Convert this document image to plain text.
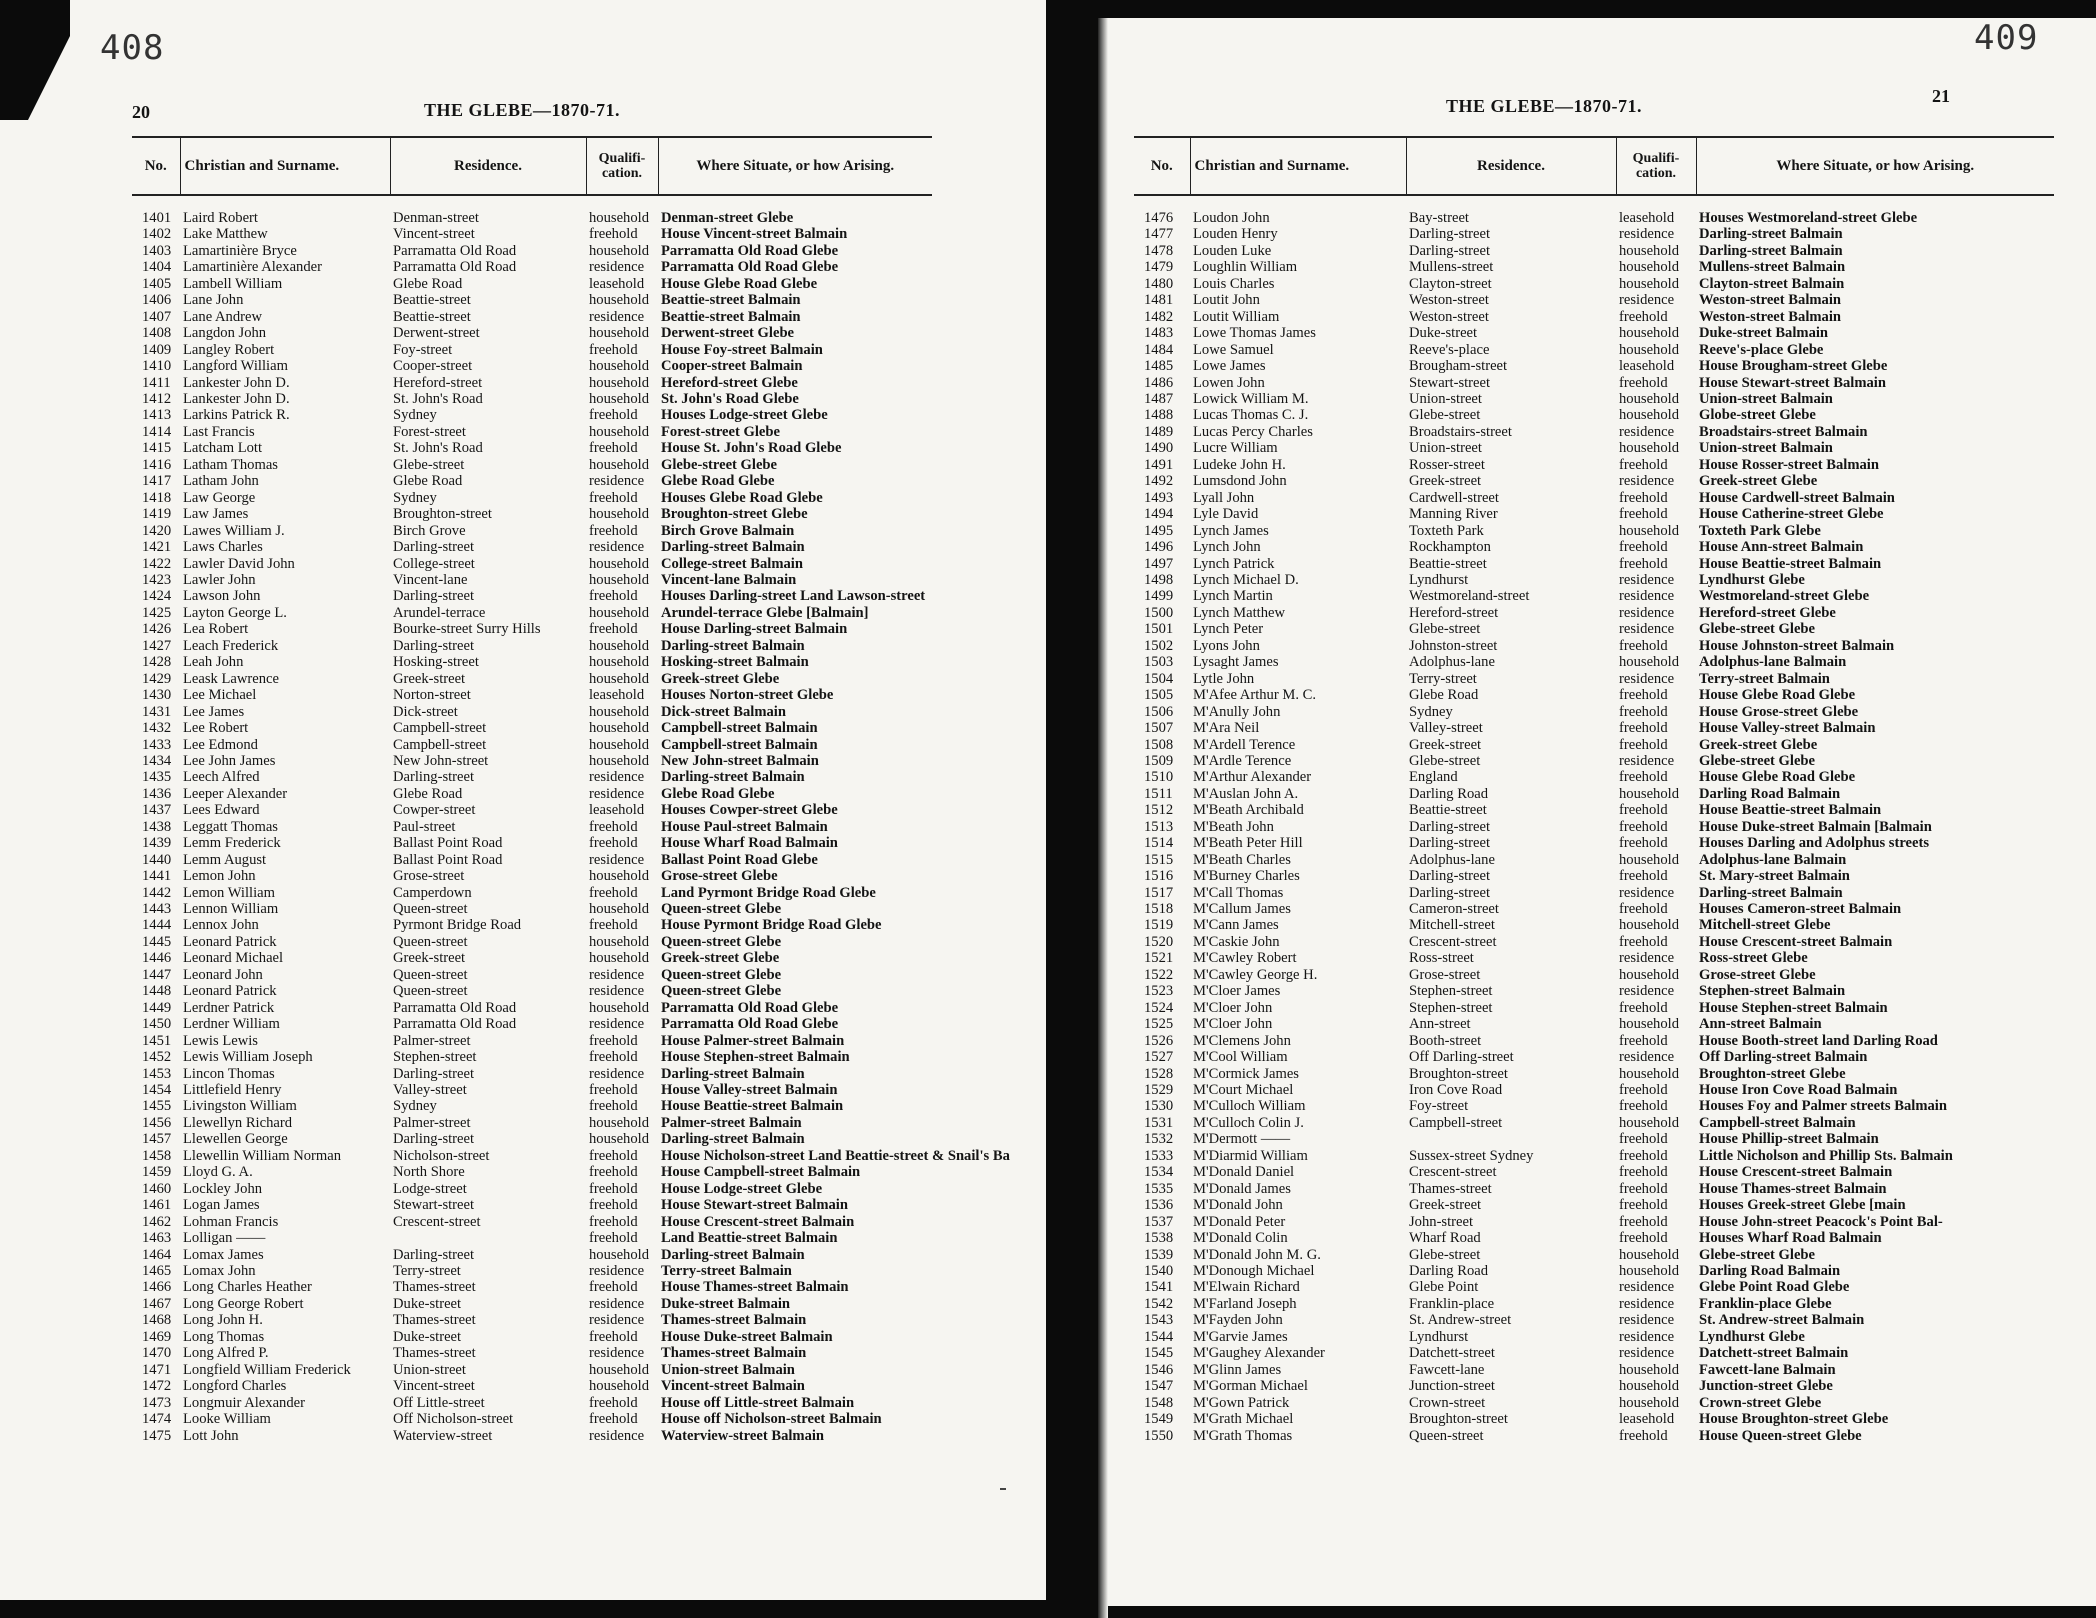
408
20	THE GLEBE—1870-71.
No.	Christian and Surname.	Residence.	Qualifi-cation.	Where Situate, or how Arising.
1401	Laird Robert	Denman-street	household	Denman-street Glebe
1402	Lake Matthew	Vincent-street	freehold	House Vincent-street Balmain
1403	Lamartinière Bryce	Parramatta Old Road	household	Parramatta Old Road Glebe
1404	Lamartinière Alexander	Parramatta Old Road	residence	Parramatta Old Road Glebe
1405	Lambell William	Glebe Road	leasehold	House Glebe Road Glebe
1406	Lane John	Beattie-street	household	Beattie-street Balmain
1407	Lane Andrew	Beattie-street	residence	Beattie-street Balmain
1408	Langdon John	Derwent-street	household	Derwent-street Glebe
1409	Langley Robert	Foy-street	freehold	House Foy-street Balmain
1410	Langford William	Cooper-street	household	Cooper-street Balmain
1411	Lankester John D.	Hereford-street	household	Hereford-street Glebe
1412	Lankester John D.	St. John's Road	household	St. John's Road Glebe
1413	Larkins Patrick R.	Sydney	freehold	Houses Lodge-street Glebe
1414	Last Francis	Forest-street	household	Forest-street Glebe
1415	Latcham Lott	St. John's Road	freehold	House St. John's Road Glebe
1416	Latham Thomas	Glebe-street	household	Glebe-street Glebe
1417	Latham John	Glebe Road	residence	Glebe Road Glebe
1418	Law George	Sydney	freehold	Houses Glebe Road Glebe
1419	Law James	Broughton-street	household	Broughton-street Glebe
1420	Lawes William J.	Birch Grove	freehold	Birch Grove Balmain
1421	Laws Charles	Darling-street	residence	Darling-street Balmain
1422	Lawler David John	College-street	household	College-street Balmain
1423	Lawler John	Vincent-lane	household	Vincent-lane Balmain
1424	Lawson John	Darling-street	freehold	Houses Darling-street Land Lawson-street
1425	Layton George L.	Arundel-terrace	household	Arundel-terrace Glebe [Balmain]
1426	Lea Robert	Bourke-street Surry Hills	freehold	House Darling-street Balmain
1427	Leach Frederick	Darling-street	household	Darling-street Balmain
1428	Leah John	Hosking-street	household	Hosking-street Balmain
1429	Leask Lawrence	Greek-street	household	Greek-street Glebe
1430	Lee Michael	Norton-street	leasehold	Houses Norton-street Glebe
1431	Lee James	Dick-street	household	Dick-street Balmain
1432	Lee Robert	Campbell-street	household	Campbell-street Balmain
1433	Lee Edmond	Campbell-street	household	Campbell-street Balmain
1434	Lee John James	New John-street	household	New John-street Balmain
1435	Leech Alfred	Darling-street	residence	Darling-street Balmain
1436	Leeper Alexander	Glebe Road	residence	Glebe Road Glebe
1437	Lees Edward	Cowper-street	leasehold	Houses Cowper-street Glebe
1438	Leggatt Thomas	Paul-street	freehold	House Paul-street Balmain
1439	Lemm Frederick	Ballast Point Road	freehold	House Wharf Road Balmain
1440	Lemm August	Ballast Point Road	residence	Ballast Point Road Glebe
1441	Lemon John	Grose-street	household	Grose-street Glebe
1442	Lemon William	Camperdown	freehold	Land Pyrmont Bridge Road Glebe
1443	Lennon William	Queen-street	household	Queen-street Glebe
1444	Lennox John	Pyrmont Bridge Road	freehold	House Pyrmont Bridge Road Glebe
1445	Leonard Patrick	Queen-street	household	Queen-street Glebe
1446	Leonard Michael	Greek-street	household	Greek-street Glebe
1447	Leonard John	Queen-street	residence	Queen-street Glebe
1448	Leonard Patrick	Queen-street	residence	Queen-street Glebe
1449	Lerdner Patrick	Parramatta Old Road	household	Parramatta Old Road Glebe
1450	Lerdner William	Parramatta Old Road	residence	Parramatta Old Road Glebe
1451	Lewis Lewis	Palmer-street	freehold	House Palmer-street Balmain
1452	Lewis William Joseph	Stephen-street	freehold	House Stephen-street Balmain
1453	Lincon Thomas	Darling-street	residence	Darling-street Balmain
1454	Littlefield Henry	Valley-street	freehold	House Valley-street Balmain
1455	Livingston William	Sydney	freehold	House Beattie-street Balmain
1456	Llewellyn Richard	Palmer-street	household	Palmer-street Balmain
1457	Llewellen George	Darling-street	household	Darling-street Balmain
1458	Llewellin William Norman	Nicholson-street	freehold	House Nicholson-street Land Beattie-street & Snail's Ba
1459	Lloyd G. A.	North Shore	freehold	House Campbell-street Balmain
1460	Lockley John	Lodge-street	freehold	House Lodge-street Glebe
1461	Logan James	Stewart-street	freehold	House Stewart-street Balmain
1462	Lohman Francis	Crescent-street	freehold	House Crescent-street Balmain
1463	Lolligan ——		freehold	Land Beattie-street Balmain
1464	Lomax James	Darling-street	household	Darling-street Balmain
1465	Lomax John	Terry-street	residence	Terry-street Balmain
1466	Long Charles Heather	Thames-street	freehold	House Thames-street Balmain
1467	Long George Robert	Duke-street	residence	Duke-street Balmain
1468	Long John H.	Thames-street	residence	Thames-street Balmain
1469	Long Thomas	Duke-street	freehold	House Duke-street Balmain
1470	Long Alfred P.	Thames-street	residence	Thames-street Balmain
1471	Longfield William Frederick	Union-street	household	Union-street Balmain
1472	Longford Charles	Vincent-street	household	Vincent-street Balmain
1473	Longmuir Alexander	Off Little-street	freehold	House off Little-street Balmain
1474	Looke William	Off Nicholson-street	freehold	House off Nicholson-street Balmain
1475	Lott John	Waterview-street	residence	Waterview-street Balmain
409
THE GLEBE—1870-71.	21
No.	Christian and Surname.	Residence.	Qualifi-cation.	Where Situate, or how Arising.
1476	Loudon John	Bay-street	leasehold	Houses Westmoreland-street Glebe
1477	Louden Henry	Darling-street	residence	Darling-street Balmain
1478	Louden Luke	Darling-street	household	Darling-street Balmain
1479	Loughlin William	Mullens-street	household	Mullens-street Balmain
1480	Louis Charles	Clayton-street	household	Clayton-street Balmain
1481	Loutit John	Weston-street	residence	Weston-street Balmain
1482	Loutit William	Weston-street	freehold	Weston-street Balmain
1483	Lowe Thomas James	Duke-street	household	Duke-street Balmain
1484	Lowe Samuel	Reeve's-place	household	Reeve's-place Glebe
1485	Lowe James	Brougham-street	leasehold	House Brougham-street Glebe
1486	Lowen John	Stewart-street	freehold	House Stewart-street Balmain
1487	Lowick William M.	Union-street	household	Union-street Balmain
1488	Lucas Thomas C. J.	Glebe-street	household	Globe-street Glebe
1489	Lucas Percy Charles	Broadstairs-street	residence	Broadstairs-street Balmain
1490	Lucre William	Union-street	household	Union-street Balmain
1491	Ludeke John H.	Rosser-street	freehold	House Rosser-street Balmain
1492	Lumsdond John	Greek-street	residence	Greek-street Glebe
1493	Lyall John	Cardwell-street	freehold	House Cardwell-street Balmain
1494	Lyle David	Manning River	freehold	House Catherine-street Glebe
1495	Lynch James	Toxteth Park	household	Toxteth Park Glebe
1496	Lynch John	Rockhampton	freehold	House Ann-street Balmain
1497	Lynch Patrick	Beattie-street	freehold	House Beattie-street Balmain
1498	Lynch Michael D.	Lyndhurst	residence	Lyndhurst Glebe
1499	Lynch Martin	Westmoreland-street	residence	Westmoreland-street Glebe
1500	Lynch Matthew	Hereford-street	residence	Hereford-street Glebe
1501	Lynch Peter	Glebe-street	residence	Glebe-street Glebe
1502	Lyons John	Johnston-street	freehold	House Johnston-street Balmain
1503	Lysaght James	Adolphus-lane	household	Adolphus-lane Balmain
1504	Lytle John	Terry-street	residence	Terry-street Balmain
1505	M'Afee Arthur M. C.	Glebe Road	freehold	House Glebe Road Glebe
1506	M'Anully John	Sydney	freehold	House Grose-street Glebe
1507	M'Ara Neil	Valley-street	freehold	House Valley-street Balmain
1508	M'Ardell Terence	Greek-street	freehold	Greek-street Glebe
1509	M'Ardle Terence	Glebe-street	residence	Glebe-street Glebe
1510	M'Arthur Alexander	England	freehold	House Glebe Road Glebe
1511	M'Auslan John A.	Darling Road	household	Darling Road Balmain
1512	M'Beath Archibald	Beattie-street	freehold	House Beattie-street Balmain
1513	M'Beath John	Darling-street	freehold	House Duke-street Balmain [Balmain
1514	M'Beath Peter Hill	Darling-street	freehold	Houses Darling and Adolphus streets
1515	M'Beath Charles	Adolphus-lane	household	Adolphus-lane Balmain
1516	M'Burney Charles	Darling-street	freehold	St. Mary-street Balmain
1517	M'Call Thomas	Darling-street	residence	Darling-street Balmain
1518	M'Callum James	Cameron-street	freehold	Houses Cameron-street Balmain
1519	M'Cann James	Mitchell-street	household	Mitchell-street Glebe
1520	M'Caskie John	Crescent-street	freehold	House Crescent-street Balmain
1521	M'Cawley Robert	Ross-street	residence	Ross-street Glebe
1522	M'Cawley George H.	Grose-street	household	Grose-street Glebe
1523	M'Cloer James	Stephen-street	residence	Stephen-street Balmain
1524	M'Cloer John	Stephen-street	freehold	House Stephen-street Balmain
1525	M'Cloer John	Ann-street	household	Ann-street Balmain
1526	M'Clemens John	Booth-street	freehold	House Booth-street land Darling Road
1527	M'Cool William	Off Darling-street	residence	Off Darling-street Balmain
1528	M'Cormick James	Broughton-street	household	Broughton-street Glebe
1529	M'Court Michael	Iron Cove Road	freehold	House Iron Cove Road Balmain
1530	M'Culloch William	Foy-street	freehold	Houses Foy and Palmer streets Balmain
1531	M'Culloch Colin J.	Campbell-street	household	Campbell-street Balmain
1532	M'Dermott ——		freehold	House Phillip-street Balmain
1533	M'Diarmid William	Sussex-street Sydney	freehold	Little Nicholson and Phillip Sts. Balmain
1534	M'Donald Daniel	Crescent-street	freehold	House Crescent-street Balmain
1535	M'Donald James	Thames-street	freehold	House Thames-street Balmain
1536	M'Donald John	Greek-street	freehold	Houses Greek-street Glebe [main
1537	M'Donald Peter	John-street	freehold	House John-street Peacock's Point Bal-
1538	M'Donald Colin	Wharf Road	freehold	Houses Wharf Road Balmain
1539	M'Donald John M. G.	Glebe-street	household	Glebe-street Glebe
1540	M'Donough Michael	Darling Road	household	Darling Road Balmain
1541	M'Elwain Richard	Glebe Point	residence	Glebe Point Road Glebe
1542	M'Farland Joseph	Franklin-place	residence	Franklin-place Glebe
1543	M'Fayden John	St. Andrew-street	residence	St. Andrew-street Balmain
1544	M'Garvie James	Lyndhurst	residence	Lyndhurst Glebe
1545	M'Gaughey Alexander	Datchett-street	residence	Datchett-street Balmain
1546	M'Glinn James	Fawcett-lane	household	Fawcett-lane Balmain
1547	M'Gorman Michael	Junction-street	household	Junction-street Glebe
1548	M'Gown Patrick	Crown-street	household	Crown-street Glebe
1549	M'Grath Michael	Broughton-street	leasehold	House Broughton-street Glebe
1550	M'Grath Thomas	Queen-street	freehold	House Queen-street Glebe
